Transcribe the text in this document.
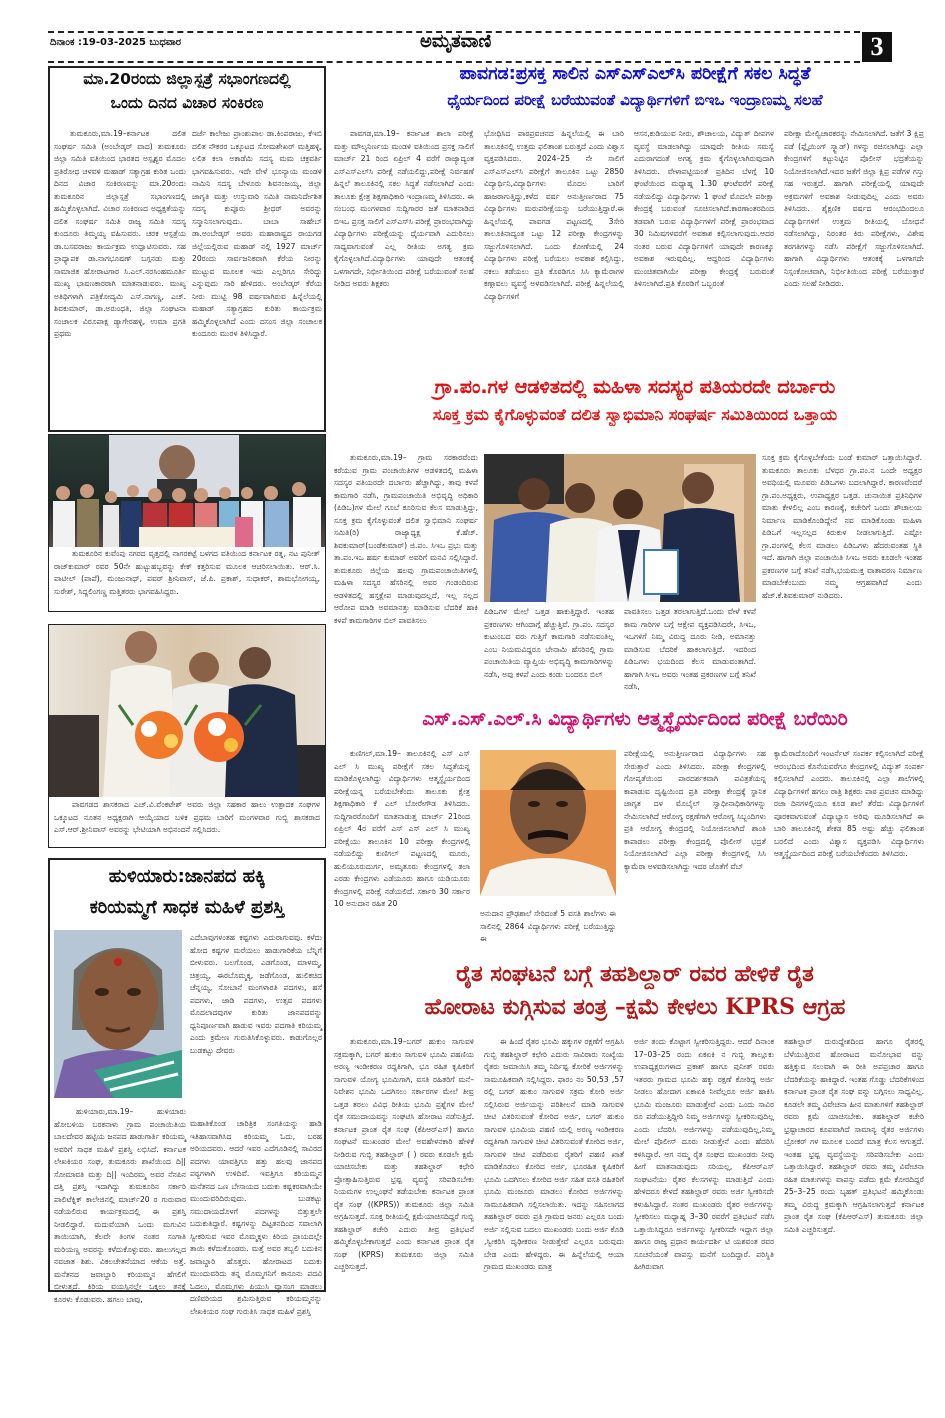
ದಿನಾಂಕ :19-03-2025 ಬುಧವಾರ	ಅಮೃತವಾಣಿ	3
ಮಾ.20ರಂದು ಜಿಲ್ಲಾಸ್ಪತ್ರೆ ಸಭಾಂಗಣದಲ್ಲಿ
ಒಂದು ದಿನದ ವಿಚಾರ ಸಂಕಿರಣ
ತುಮಕೂರು,ಮಾ.19–ಕರ್ನಾಟಕ ದಲಿತ ಸಂಘರ್ಷ ಸಮಿತಿ (ಅಂಬೇಡ್ಕರ್ ವಾದ) ತುಮಕೂರು ಜಿಲ್ಲಾ ಸಮಿತಿ ವತಿಯಿಂದ ಭಾರತದ ಅಸ್ಪೃಶ್ಯರ ಮೊದಲ ಪ್ರತಿರೋಧ ಚಳವಳಿ ಮಹಾಡ್ ಸತ್ಯಾಗ್ರಹ ಕುರಿತ ಒಂದು ದಿನದ ವಿಚಾರ ಸಂಕಿರಣವನ್ನು ಮಾ.20ರಂದು ತುಮಕೂರಿನ ಜಿಲ್ಲಾಸ್ಪತ್ರೆ ಸಭಾಂಗಣದಲ್ಲಿ ಹಮ್ಮಿಕೊಳ್ಳಲಾಗಿದೆ. ವಿಚಾರ ಸಂಕಿರಣದ ಅಧ್ಯಕ್ಷತೆಯನ್ನು ದಲಿತ ಸಂಘರ್ಷ ಸಮಿತಿ ರಾಜ್ಯ ಸಮಿತಿ ಸದಸ್ಯ ಕುಂದೂರು ತಿಮ್ಮಯ್ಯ ವಹಿಸುವರು. ಚರಕ ಆಸ್ಪತ್ರೆಯ ಡಾ.ಬಸವರಾಜು ಕಾರ್ಯಕ್ರಮ ಉದ್ಘಾಟಿಸುವರು. ಸಹ ಪ್ರಾಧ್ಯಾಪಕ ಡಾ.ನಾಗಭೂಷಣ್ ಬಗ್ಗನಡು ಮತ್ತು ಸಾಮಾಜಿಕ ಹೋರಾಟಗಾರ ಸಿ.ಎಲ್.ನರಸಿಂಹಮೂರ್ತಿ ಮುಖ್ಯ ಭಾಷಣಕಾರರಾಗಿ ಮಾತನಾಡುವರು. ಮುಖ್ಯ ಅತಿಥಿಗಳಾಗಿ ಪತ್ರಿಕೋದ್ಯಮಿ ಎಸ್.ನಾಗಣ್ಣ, ಎಚ್. ಶಿವಕುಮಾರ್, ಡಾ.ಅರುಂಧತಿ, ಜಿಲ್ಲಾ ಸಂಘಟನಾ ಸಂಚಾಲಕ ವಿರೂಪಾಕ್ಷ ಡ್ಯಾಗೇರಹಳ್ಳಿ, ಉಮಾ ಪ್ರಗತಿ ಪ್ರಥಮ
ದರ್ಜೆ ಕಾಲೇಜು ಪ್ರಾಂಶುಪಾಲ ಡಾ.ಕಿಂಪರಾಜು, ಕೆಇಬಿ ದಲಿತ ನೌಕರರ ಒಕ್ಕೂಟದ ಸೋಮಶೇಖರ್ ಮತ್ತಿಹಳ್ಳಿ, ಲಲಿತ ಕಲಾ ಅಕಾಡೆಮಿ ಸದಸ್ಯ ಮಮ ಚಕ್ರವರ್ತಿ ಭಾಗವಹಿಸುವರು. ಇದೇ ವೇಳೆ ಭೂನ್ಯಾಯ ಮಂಡಳಿ ನಾಮಿನಿ ಸದಸ್ಯ ಬೇಳೂರು ಶಿವನಂಜಯ್ಯ, ಜಿಲ್ಲಾ ಜಾಗೃತಿ ಮತ್ತು ಉಸ್ತುವಾರಿ ಸಮಿತಿ ನಾಮನಿರ್ದೇಶಿತ ಸದಸ್ಯ ಕುಪ್ಪೂರು ಶ್ರೀಧರ್ ಅವರನ್ನು ಸನ್ಮಾನಿಸಲಾಗುವುದು. ಬಾಬಾ ಸಾಹೇಬ್ ಡಾ.ಅಂಬೇಡ್ಕರ್ ಅವರು ಮಹಾರಾಷ್ಟ್ರದ ರಾಯಗಡ ಜಿಲ್ಲೆಯಲ್ಲಿರುವ ಮಹಾಡ್ ನಲ್ಲಿ 1927 ಮಾರ್ಚ್ 20ರಂದು ಸಾರ್ವಜನಿಕವಾಗಿ ಕೆರೆಯ ನೀರನ್ನು ಮುಟ್ಟುವ ಮೂಲಕ ಇದು ಎಲ್ಲರಿಗೂ ಸೇರಿದ್ದು ಎನ್ನುವುದು ಸಾರಿ ಹೇಳಿದರು. ಅಂಬೇಡ್ಕರ್ ಕೆರೆಯ ನೀರು ಮುಟ್ಟಿ 98 ವರ್ಷವಾಗಿರುವ ಹಿನ್ನೆಲೆಯಲ್ಲಿ ಮಹಾಡ್ ಸತ್ಯಾಗ್ರಹದ ಕುರಿತು ಕಾರ್ಯಕ್ರಮ ಹಮ್ಮಿಕೊಳ್ಳಲಾಗಿದೆ ಎಂದು ದಸಂಸ ಜಿಲ್ಲಾ ಸಂಚಾಲಕ ಕುಂದೂರು ಮುರಳಿ ತಿಳಿಸಿದ್ದಾರೆ.
ತುಮಕೂರಿನ ಕುವೆಂಪು ನಗರದ ವೃತ್ತದಲ್ಲಿ ನಾಗರಕಟ್ಟೆ ಬಳಗದ ವತಿಯಿಂದ ಕರ್ನಾಟಕ ರತ್ನ, ನಟ ಪುನೀತ್ ರಾಜ್‌ಕುಮಾರ್ ರವರ 50ನೇ ಹುಟ್ಟುಹಬ್ಬವನ್ನು ಕೇಕ್ ಕತ್ತರಿಸುವ ಮೂಲಕ ಆಚರಿಸಲಾಯಿತು. ಆರ್.ಸಿ. ಪಾಟೀಲ್ (ಪಾಪೆ), ಮಂಜುನಾಥ್, ಪವರ್ ಶ್ರೀನಿವಾಸ್, ಜೆ.ಪಿ. ಪ್ರಕಾಶ್, ಸುಧಾಕರ್, ಶಾಮಭೋಗಯ್ಯ, ಸುರೇಶ್, ಸಿದ್ದಲಿಂಗಣ್ಣ ಮತ್ತಿತರರು ಭಾಗವಹಿಸಿದ್ದರು.
ಪಾವಗಡದ ಶಾಸಕರಾದ ಎಚ್.ವಿ.ವೆಂಕಟೇಶ್ ಅವರು ಜಿಲ್ಲಾ ಸಹಕಾರ ಹಾಲು ಉತ್ಪಾದಕ ಸಂಘಗಳ ಒಕ್ಕೂಟದ ನೂತನ ಅಧ್ಯಕ್ಷರಾಗಿ ಆಯ್ಕೆಯಾದ ಬಳಿಕ ಪ್ರಥಮ ಬಾರಿಗೆ ಮಂಗಳವಾರ ಗುಬ್ಬಿ ಶಾಸಕರಾದ ಎಸ್.ಆರ್.ಶ್ರೀನಿವಾಸ್ ಅವರನ್ನು ಭೇಟಿಯಾಗಿ ಅಭಿನಂದನೆ ಸಲ್ಲಿಸಿದರು.
ಹುಳಿಯಾರು:ಜಾನಪದ ಹಕ್ಕಿ
ಕರಿಯಮ್ಮಗೆ ಸಾಧಕ ಮಹಿಳೆ ಪ್ರಶಸ್ತಿ
ಎದೆಬಾವುಗಳಂತಹ ಕಷ್ಟಗಳು ಎದುರಾಗುವವು. ಕಳೆದು ಹೋದ ಕಷ್ಟಗಳ ಮರೆಯಲು ಹಾಡುಗಾರಿಕೆಯ ಬೆನ್ನಿಗೆ ಬೀಳುವರು. ಬಲಗೊಂಡ, ಎಡಗೊಂಡ, ಮಾಳಮ್ಮ, ಚಿತ್ರಯ್ಯ, ಈರಬೊಮ್ಮಕ್ಕ, ಜಡೆಗೊಂಡ, ಹುಲಿಕಚಿದ ಚೆನ್ನಯ್ಯ, ಸೋಬಾನೆ ಮಂಗಳಾರತಿ ಪದಗಳು, ಹಸೆ ಪದಗಳು, ಜಾಡಿ ಪದಗಳು, ಉತ್ಸವ ಪದಗಳು ಮೊದಲಾದವುಗಳ ಕುರಿತು ಜಾನಪದವನ್ನು ಧ್ವನಿಪೂರ್ಣವಾಗಿ ಹಾಡುವ ಇವರು ಪದಗಾತಿ ಕರಿಯಮ್ಮ ಎಂದು ಕ್ರಮೇಣ ಗುರುತಿಸಿಕೊಳ್ಳುವರು. ಕಾಡುಗೊಲ್ಲರ ಬುಡಕಟ್ಟು ದೇವರು
ಹುಳಿಯಾರು,ಮಾ.19– ಹುಳಿಯಾರು ಹೋಬಳಿಯ ಬರಕನಾಳು ಗ್ರಾಮ ಪಂಚಾಯಿತಿಯ ಬಾಲದೇವರ ಹಟ್ಟಿಯ ಜನಪದ ಹಾಡುಗಾರ್ತಿ ಕರಿಯಮ್ಮ ಅವರಿಗೆ ಸಾಧಕ ಮಹಿಳೆ ಪ್ರಶಸ್ತಿ ಲಭಿಸಿದೆ. ಕರ್ನಾಟಕ ಲೇಖಕಿಯರ ಸಂಘ, ತುಮಕೂರು ಶಾಖೆಯಿಂದ ದಿ|| ಸೋಮಾವತಿ ಮತ್ತು ದಿ|| ಇಂದಿರಮ್ಮ ಅವರ ನೆನಪಿನ ದತ್ತಿ ಪ್ರಶಸ್ತಿ ಇದಾಗಿದ್ದು ತುಮಕೂರಿನ ಸರ್ಕಾರಿ ಪಾಲಿಟೆಕ್ನಿಕ್ ಕಾಲೇಜಿನಲ್ಲಿ ಮಾರ್ಚ್20 ರ ಗುರುವಾರ ನಡೆಯಲಿರುವ ಕಾರ್ಯಕ್ರಮದಲ್ಲಿ ಈ ಪ್ರಶಸ್ತಿ ನೀಡಲಿದ್ದಾರೆ. ಮದುವೆಯಾಗಿ ಒಂದು ಮಗುವಿನ ತಾಯಿಯಾಗಿ, ಕೆಲವೇ ತಿಂಗಳ ನಂತರ ಸಂಗಾತಿ ಮರಿಯಣ್ಣ ಅವರನ್ನು ಕಳೆದುಕೊಳ್ಳುವರು. ಹಾಲುಗಲ್ಲದ ನವಜಾತ ಶಿಶು. ವಿಕಲಚೇತನೆಯಾದ ಆಕೆಯ ಅತ್ತೆ. ಮನೆತನದ ಜವಾಬ್ದಾರಿ ಕರಿಯಮ್ಮನ ಹೆಗಲಿಗೆ ಬೀಳುತ್ತದೆ. ಕಿರಿಯ ವಯಸ್ಸಿನಲ್ಲೇ ಒಕ್ಕಲು ತನಕ್ಕೆ ಕೂರಳು ಕೊಡುವರು. ಹಗಲು ಬಾವು,
ಮಹಾತಿಕೊಂಡ ಚಾರಿತ್ರಿಕ ಸಂಗತಿಯನ್ನು ಹಾಡಿ ಇತಿಹಾಸವಾಗಿಸಿದ ಕರಿಯಮ್ಮ ಓದು, ಬರಹ ಅರಿಯದವರು. ಆದರೆ ಇವರ ಎದೆಗೂಡಿನಲ್ಲಿ ಸಾವಿರದ ಪದಗಳು ಯಾವತ್ತಿಗೂ ಹತ್ತು ಹಲವು ಜಾನಪದ ಪಠ್ಯಗಳಾಗಿ ಉಳಿದಿವೆ. ಇವತ್ತಿಗೂ ಕರಿಯಮ್ಮನ ಮನೆತನದ ಒಣ ಬೇಸಾಯದ ಬದುಕು ಕಷ್ಟಕರವಾಗಿಯೇ ಮುಂದುವರಿದಿರುವುದು. ಬುಡಕಟ್ಟು ಸಮುದಾಯದೊಳಗೆ ಪದಗಳನ್ನು ಬಿತ್ತುತ್ತಲೇ ಬದುಕುತಿದ್ದಾರೆ. ಕಷ್ಟಗಳನ್ನು ದಿಟ್ಟತನದಿಂದ ಸವಾಲಾಗಿ ಸ್ವೀಕರಿಸುವ ಇವರ ಮೊಮ್ಮಕ್ಕಳು ಕಿರಿಯ ಪ್ರಾಯದಲ್ಲೇ ತಾಯಿ ಕಳೆದುಕೊಂಡರು. ಮತ್ತೆ ಅವರ ತಬ್ಬಲಿ ಬದುಕಿನ ಜವಾಬ್ದಾರಿ ಹೊತ್ತರು. ಹೋರಾಟದ ಬದುಕು ಮುಂದುವರಿದು ತನ್ನ ಮೊಮ್ಮಗನಿಗೆ ಕಾನೂನು ಪದವಿ ಓದಲು, ಮೊಮ್ಮಗಳು ಪಿಯುಸಿ ವ್ಯಾಸಂಗ ಮಾಡಲು ದಣಿವರಿಯದ ಶ್ರಮಿಸುತ್ತಿರುವ ಕರಿಯಮ್ಮನನ್ನು ಲೇಖಕಿಯರ ಸಂಘ ಗುರುತಿಸಿ ಸಾಧಕ ಮಹಿಳೆ ಪ್ರಶಸ್ತಿ
ಪಾವಗಡ:ಪ್ರಸಕ್ತ ಸಾಲಿನ ಎಸ್‌ಎಸ್‌ಎಲ್‌ಸಿ ಪರೀಕ್ಷೆಗೆ ಸಕಲ ಸಿದ್ಧತೆ
ಧೈರ್ಯದಿಂದ ಪರೀಕ್ಷೆ ಬರೆಯುವಂತೆ ವಿದ್ಯಾರ್ಥಿಗಳಿಗೆ ಬಿಇಒ ಇಂದ್ರಾಣಮ್ಮ ಸಲಹೆ
ಪಾವಗಡ,ಮಾ.19– ಕರ್ನಾಟಕ ಶಾಲಾ ಪರೀಕ್ಷೆ ಮತ್ತು ಮೌಲ್ಯನಿರ್ಣಯ ಮಂಡಳಿ ವತಿಯಿಂದ ಪ್ರಸಕ್ತ ಸಾಲಿಗೆ ಮಾರ್ಚ್ 21 ರಿಂದ ಏಪ್ರಿಲ್ 4 ವರೆಗೆ ರಾಜ್ಯಾದ್ಯಂತ ಎಸ್‌ಎಸ್‌ಎಲ್‌ಸಿ ಪರೀಕ್ಷೆ ನಡೆಯಲಿದ್ದು,ಪರೀಕ್ಷೆ ನಿರ್ವಹಣೆ ಹಿನ್ನಲೆ ತಾಲೂಕಿನಲ್ಲಿ ಸಕಲ ಸಿದ್ಧತೆ ನಡೆಸಲಾಗಿದೆ ಎಂದು ತಾಲೂಕು ಕ್ಷೇತ್ರ ಶಿಕ್ಷಣಾಧಿಕಾರಿ ಇಂದ್ರಾಣಮ್ಮ ತಿಳಿಸಿದರು. ಈ ಸಂಬಂಧ ಮಂಗಳವಾರ ಸುದ್ದಿಗಾರರ ಜತೆ ಮಾತನಾಡಿದ ಬಿಇಒ ಪ್ರಸಕ್ತ ಸಾಲಿಗೆ ಎಸ್‌ಎಸ್‌ಸಿ ಪರೀಕ್ಷೆ ಪ್ರಾರಂಭವಾಗಿದ್ದು ವಿದ್ಯಾರ್ಥಿಗಳು ಪರೀಕ್ಷೆಯನ್ನು ಧೈರ್ಯವಾಗಿ ಎದುರಿಸಲು ಸಾಧ್ಯವಾಗುವಂತೆ ಎಲ್ಲ ರೀತಿಯ ಅಗತ್ಯ ಕ್ರಮ ಕೈಗೊಳ್ಳಲಾಗಿದೆ.ವಿದ್ಯಾರ್ಥಿಗಳು ಯಾವುದೇ ಆತಂಕಕ್ಕೆ ಒಳಗಾಗದೇ, ನಿರ್ಭೀತಿಯಿಂದ ಪರೀಕ್ಷೆ ಬರೆಯುವಂತೆ ಸಲಹೆ ನೀಡಿದ ಅವರು ಶಿಕ್ಷಕರು
ಭೋಧಿಸಿದ ಪಾಠಪ್ರವಚನದ ಹಿನ್ನಲೆಯಲ್ಲಿ ಈ ಬಾರಿ ತಾಲೂಕಿನಲ್ಲಿ ಉತ್ತಮ ಫಲಿತಾಂಶ ಬರುತ್ತದೆ ಎಂದು ವಿಶ್ವಾಸ ವ್ಯಕ್ತಪಡಿಸಿದರು. 2024–25 ನೇ ಸಾಲಿಗೆ ಎಸ್‌ಎಸ್‌ಎಲ್‌ಸಿ ಪರೀಕ್ಷೆಗೆ ತಾಲೂಕಿನ ಒಟ್ಟು 2850 ವಿದ್ಯಾರ್ಥಿನಿ,ವಿದ್ಯಾರ್ಥಿಗಳು ಮೊದಲ ಬಾರಿಗೆ ಹಾಜರಾಗುತ್ತಿದ್ದು,ಕಳೆದ ವರ್ಷ ಅನುತ್ತೀರ್ಣರಾದ 75 ವಿದ್ಯಾರ್ಥಿಗಳು ಮರುಪರೀಕ್ಷೆಯನ್ನು ಬರೆಯುತ್ತಿದ್ದಾರೆ.ಈ ಹಿನ್ನಲೆಯಲ್ಲಿ ಪಾವಗಡ ಪಟ್ಟಣದಲ್ಲಿ 3ಸೇರಿ ತಾಲೂಕಿನಾದ್ಯಂತ ಒಟ್ಟು 12 ಪರೀಕ್ಷಾ ಕೇಂದ್ರಗಳನ್ನು ಸಜ್ಜುಗೊಳಿಸಲಾಗಿದೆ. ಒಂದು ಕೋಣೆಯಲ್ಲಿ 24 ವಿದ್ಯಾರ್ಥಿಗಳು ಪರೀಕ್ಷೆ ಬರೆಯಲು ಅವಕಾಶ ಕಲ್ಪಿಸಿದ್ದು, ನಕಲು ತಡೆಯಲು ಪ್ರತಿ ಕೊಠಡಿಗೂ ಸಿಸಿ ಕ್ಯಾಮೆರಾಗಳ ಕಣ್ಗಾವಲು ವ್ಯವಸ್ಥೆ ಅಳವಡಿಸಲಾಗಿದೆ. ಪರೀಕ್ಷೆ ಹಿನ್ನಲೆಯಲ್ಲಿ ವಿದ್ಯಾರ್ಥಿಗಳಿಗೆ
ಆಸನ,ಕುಡಿಯುವ ನೀರು, ಶೌಚಾಲಯ, ವಿದ್ಯುತ್ ದೀಪಗಳ ವ್ಯವಸ್ಥೆ ಮಾಡಲಾಗಿದ್ದು ಯಾವುದೇ ರೀತಿಯ ಸಮಸ್ಯೆ ಎದುರಾಗದಂತೆ ಅಗತ್ಯ ಕ್ರಮ ಕೈಗೊಳ್ಳಲಾಗಿರುವುದಾಗಿ ತಿಳಿಸಿದರು. ವೇಳಾಪಟ್ಟಿಯಂತೆ ಪ್ರತಿದಿನ ಬೆಳಗ್ಗೆ 10 ಘಂಟೆಯಿಂದ ಮಧ್ಯಾಹ್ನ 1.30 ಘಂಟೆವರೆಗೆ ಪರೀಕ್ಷೆ ನಡೆಯಲಿದ್ದು ವಿದ್ಯಾರ್ಥಿಗಳು 1 ಘಂಟೆ ಮೊದಲೇ ಪರೀಕ್ಷಾ ಕೇಂದ್ರಕ್ಕೆ ಬರುವಂತೆ ಸೂಚಿಸಲಾಗಿದೆ.ಕಾರಣಾಂತರದಿಂದ ತಡವಾಗಿ ಬರುವ ವಿದ್ಯಾರ್ಥಿಗಳಿಗೆ ಪರೀಕ್ಷೆ ಪ್ರಾರಂಭವಾದ 30 ನಿಮಿಷಗಳವರೆಗೆ ಅವಕಾಶ ಕಲ್ಪಿಸಲಾಗುವುದು.ಆದರ ನಂತರ ಬರುವ ವಿದ್ಯಾರ್ಥಿಗಳಿಗೆ ಯಾವುದೇ ಕಾರಣಕ್ಕೂ ಅವಕಾಶ ಇರುವುದಿಲ್ಲ. ಆದ್ದರಿಂದ ವಿದ್ಯಾರ್ಥಿಗಳು ಮುಂಚಿತವಾಗಿಯೇ ಪರೀಕ್ಷಾ ಕೇಂದ್ರಕ್ಕೆ ಬರುವಂತೆ ತಿಳಿಸಲಾಗಿದೆ.ಪ್ರತಿ ಕೊಠಡಿಗೆ ಒಬ್ಬರಂತೆ
ಪರೀಕ್ಷಾ ಮೇಲ್ವಿಚಾರಕರನ್ನು ನೇಮಿಸಲಾಗಿದೆ. ಜತೆಗೆ 3 ಕ್ಷಿಪ್ರ ಪಡೆ (ಫ್ಲೈಯಿಂಗ್ ಸ್ಕ್ವಾಡ್) ಗಳನ್ನು ರಚಿಸಲಾಗಿದ್ದು ಎಲ್ಲಾ ಕೇಂದ್ರಗಳಿಗೆ ಕಟ್ಟುನಿಟ್ಟಿನ ಪೊಲೀಸ್ ಭದ್ರತೆಯನ್ನು ನಿಯೋಜಿಸಲಾಗಿದೆ.ಇದರ ಜತೆಗೆ ಜಿಲ್ಲಾ ಕ್ಷಿಪ್ರ ಪಡೆಗಳ ಗಸ್ತು ಸಹ ಇರುತ್ತದೆ. ಹಾಗಾಗಿ ಪರೀಕ್ಷೆಯಲ್ಲಿ ಯಾವುದೇ ಅಕ್ರಮಗಳಿಗೆ ಅವಕಾಶ ನೀಡುವುದಿಲ್ಲ ಎಂದು ಅವರು ತಿಳಿಸಿದರು. ಶೈಕ್ಷಣಿಕ ವರ್ಷದ ಆರಂಭದಿಂದಲೂ ವಿದ್ಯಾರ್ಥಿಗಳಿಗೆ ಉತ್ತಮ ರೀತಿಯಲ್ಲಿ ಬೋಧನೆ ನಡೆಸಲಾಗಿದ್ದು, ನಿರಂತರ ಕಿರು ಪರೀಕ್ಷೆಗಳು, ವಿಶೇಷ ತರಗತಿಗಳನ್ನು ನಡೆಸಿ ಪರೀಕ್ಷೆಗೆ ಸಜ್ಜುಗೊಳಿಸಲಾಗಿದೆ. ಹಾಗಾಗಿ ವಿದ್ಯಾರ್ಥಿಗಳು ಆತಂಕಕ್ಕೆ ಒಳಗಾಗದೇ ನಿಸ್ಸಂಕೋಚವಾಗಿ, ನಿರ್ಭೀತಿಯಿಂದ ಪರೀಕ್ಷೆ ಬರೆಯುತ್ತಾರೆ ಎಂದು ಸಲಹೆ ನೀಡಿದರು.
ಗ್ರಾ.ಪಂ.ಗಳ ಆಡಳಿತದಲ್ಲಿ ಮಹಿಳಾ ಸದಸ್ಯರ ಪತಿಯರದೇ ದರ್ಬಾರು
ಸೂಕ್ತ ಕ್ರಮ ಕೈಗೊಳ್ಳುವಂತೆ ದಲಿತ ಸ್ವಾಭಿಮಾನಿ ಸಂಘರ್ಷ ಸಮಿತಿಯಿಂದ ಒತ್ತಾಯ
ತುಮಕೂರು,ಮಾ.19– ಗ್ರಾಮ ಸರಕಾರವೆಂದು ಕರೆಯುವ ಗ್ರಾಮ ಪಂಚಾಯಿತಿಗಳ ಆಡಳಿತದಲ್ಲಿ ಮಹಿಳಾ ಸದಸ್ಯರ ಪತಿಯರದೇ ದರ್ಬಾರು ಹೆಚ್ಚಾಗಿದ್ದು, ತಾವು ಕಳಪೆ ಕಾಮಗಾರಿ ನಡೆಸಿ, ಗ್ರಾಮಪಂಚಾಯಿತಿ ಅಭಿವೃದ್ಧಿ ಅಧಿಕಾರಿ (ಪಿಡಿಒ)ಗಳ ಮೇಲೆ ಗೂಬೆ ಕೂರಿಸುವ ಕೆಲಸ ಮಾಡುತ್ತಿದ್ದು, ಸೂಕ್ತ ಕ್ರಮ ಕೈಗೊಳ್ಳುವಂತೆ ದಲಿತ ಸ್ವಾಭಿಮಾನಿ ಸಂಘರ್ಷ ಸಮಿತಿ(ರಿ) ರಾಜ್ಯಾಧ್ಯಕ್ಷ ಕೆ.ಹೆಚ್. ಶಿವಕುಮಾರ್(ಬಂಡೆಕುಮಾರ್) ಜಿ.ಪಂ. ಸಿಇಒ ಪ್ರಭು ಮತ್ತು ತಾ.ಪಂ.ಇಒ ಹರ್ಷ ಕುಮಾರ್ ಅವರಿಗೆ ಮನವಿ ಸಲ್ಲಿಸಿದ್ದಾರೆ. ತುಮಕೂರು ಜಿಲ್ಲೆಯ ಹಲವು ಗ್ರಾಮಪಂಚಾಯಿತಿಗಳಲ್ಲಿ ಮಹಿಳಾ ಸದಸ್ಯರ ಹೆಸರಿನಲ್ಲಿ ಅವರ ಗಂಡಂದಿರುವ ಆಡಳಿತದಲ್ಲಿ ಹಸ್ತಕ್ಷೇಪ ಮಾಡುವುದಲ್ಲದೆ, ಇಲ್ಲ ಸಲ್ಲದ ಆರೋಪ ಮಾಡಿ ಅವಮಾನತ್ತು ಮಾಡಿಸುವ ಬೆದರಿಕೆ ಹಾಕಿ ಕಳಪೆ ಕಾಮಗಾರಿಗಳ ಬಿಲ್ ಪಾವತಿಸಲು
ಪಿಡಿಒಗಳ ಮೇಲೆ ಒತ್ತಡ ಹಾಕುತ್ತಿದ್ದಾರೆ. ಇಂತಹ ಪ್ರಕರಣಗಳು ಆಗಿಂದಾಗ್ಗೆ ಹೆಚ್ಚುತ್ತಿವೆ. ಗ್ರಾ.ಪಂ. ಸದಸ್ಯರ ಕುಟುಂಬದ ವರು ಗುತ್ತಿಗೆ ಕಾಮಗಾರಿ ನಡೆಸುವಂತಿಲ್ಲ ಎಂಬ ನಿಯಮವಿದ್ದರೂ ಬೇನಾಮಿ ಹೆಸರಿನಲ್ಲಿ ಗ್ರಾಮ ಪಂಚಾಯಿತಿಯ ವ್ಯಾಪ್ತಿಯ ಅಭಿವೃದ್ಧಿ ಕಾಮಗಾರಿಗಳನ್ನು ನಡೆಸಿ, ಅವು ಕಳಪೆ ಎಂದು ಕಂಡು ಬಂದರೂ ಬಿಲ್
ಪಾವತಿಸಲು ಒತ್ತಡ ತರಲಾಗುತ್ತಿದೆ.ಒಂದು ವೇಳೆ ಕಳಪೆ ಕಾಮ ಗಾರಿಗಳ ಬಗ್ಗೆ ಆಕ್ಷೇಪ ವ್ಯಕ್ತಪಡಿಸಿದರೇ, ಸಿಇಒ, ಇಒಗಳಿಗೆ ನಿಮ್ಮ ವಿರುದ್ಧ ದೂರು ನೀಡಿ, ಅಮಾನತ್ತು ಮಾಡಿಸುವ ಬೆದರಿಕೆ ಹಾಕಲಾಗುತ್ತಿದೆ. ಇದರಿಂದ ಪಿಡಿಒಗಳು ಭಯದಿಂದ ಕೆಲಸ ಮಾಡುವಂತಾಗಿದೆ. ಹಾಗಾಗಿ ಸಿಇಒ ಅವರು ಇಂತಹ ಪ್ರಕರಣಗಳ ಬಗ್ಗೆ ತನಿಖೆ ನಡೆಸಿ,
ಸೂಕ್ತ ಕ್ರಮ ಕೈಗೊಳ್ಳಬೇಕೆಂದು ಬಂಡೆ ಕುಮಾರ್ ಒತ್ತಾಯಿಸಿದ್ದಾರೆ. ತುಮಕೂರು ತಾಲೂಕು ಬೆಳಧರ ಗ್ರಾ.ಪಂ.ನ ಒಂದೇ ಅಧ್ಯಕ್ಷರ ಅವಧಿಯಲ್ಲಿ ಮೂವರು ಪಿಡಿಒಗಳು ಬದಲಾಗಿದ್ದಾರೆ. ಕಾರಣವೆಂದರೆ ಗ್ರಾ.ಪಂ.ಅಧ್ಯಕ್ಷರು, ಉಪಾಧ್ಯಕ್ಷರ ಒತ್ತಡ. ಚುನಾಯಿತ ಪ್ರತಿನಿಧಿಗಳ ಮಾತು ಕೇಳಲಿಲ್ಲ ಎಂಬ ಕಾರಣಕ್ಕೆ, ಕಚೇರಿಗೆ ಒಂದು ಶೌಚಾಲಯ ನಿರ್ಮಾಣ ಮಾಡಿಕೊಂಡಿದ್ದೇನೆ ನವ ಮಾಡಿಕೊಂಡು ಮಹಿಳಾ ಪಿಡಿಒಗೆ ಇಲ್ಲಸಲ್ಲದ ಕಿರುಕುಳ ನೀಡಲಾಗುತ್ತಿದೆ. ಎಷ್ಟೋ ಗ್ರಾ.ಪಂಗಳಲ್ಲಿ ಕೆಲಸ ಮಾಡಲು ಪಿಡಿಒಗಳು ಹೆದರುವಂತಹ ಸ್ಥಿತಿ ಇದೆ. ಹಾಗಾಗಿ ಜಿಲ್ಲಾ ಪಂಚಾಯಿತಿ ಸಿಇಒ ಅವರು ಕೂಡಲೇ ಇಂತಹ ಪ್ರಕರಣಗಳ ಬಗ್ಗೆ ತನಿಖೆ ನಡೆಸಿ,ಭಯಮುಕ್ತ ವಾತಾವರಣ ನಿರ್ಮಾಣ ಮಾಡಬೇಕೆಂಬುದು ನಮ್ಮ ಆಗ್ರಹವಾಗಿದೆ ಎಂದು ಹೆಚ್.ಕೆ.ಶಿವಕುಮಾರ್ ನುಡಿದರು.
ಎಸ್.ಎಸ್.ಎಲ್.ಸಿ ವಿದ್ಯಾರ್ಥಿಗಳು ಆತ್ಮಸ್ಥೈರ್ಯದಿಂದ ಪರೀಕ್ಷೆ ಬರೆಯಿರಿ
ಕುಣಿಗಲ್,ಮಾ.19– ತಾಲೂಕಿನಲ್ಲಿ ಎಸ್ ಎಸ್ ಎಲ್ ಸಿ ಮುಖ್ಯ ಪರೀಕ್ಷೆಗೆ ಸಕಲ ಸಿದ್ಧತೆಯನ್ನ ಮಾಡಿಕೊಳ್ಳಲಾಗಿದ್ದು ವಿದ್ಯಾರ್ಥಿಗಳು ಆತ್ಮಸ್ಥೈರ್ಯದಿಂದ ಪರೀಕ್ಷೆಯನ್ನ ಬರೆಯಬೇಕೆಂದು ತಾಲೂಕು ಕ್ಷೇತ್ರ ಶಿಕ್ಷಣಾಧಿಕಾರಿ ಕೆ ಎಲ್ ಬೋರೇಗೌಡ ತಿಳಿಸಿದರು. ಸುದ್ದಿಗಾರರೊಂದಿಗೆ ಮಾತನಾಡುತ್ತ ಮಾರ್ಚ್ 21ರಿಂದ ಏಪ್ರಿಲ್ 4ರ ವರೆಗೆ ಎಸ್ ಎಸ್ ಎಲ್ ಸಿ ಮುಖ್ಯ ಪರೀಕ್ಷೆಯು ತಾಲೂಕಿನ 10 ಪರೀಕ್ಷಾ ಕೇಂದ್ರಗಳಲ್ಲಿ ನಡೆಯಲಿದ್ದು ಕುಣಿಗಲ್ ಪಟ್ಟಣದಲ್ಲಿ ಮೂರು, ಹುಲಿಯೂರುದುರ್ಗ, ಅಮೃತೂರು ಕೇಂದ್ರಗಳಲ್ಲಿ ತಲಾ ಎರಡು ಕೇಂದ್ರಗಳು ಎಡೆಯೂರು ಹಾಗೂ ಯಡಿಯೂರು ಕೇಂದ್ರಗಳಲ್ಲಿ ಪರೀಕ್ಷೆ ನಡೆಯಲಿದೆ. ಸರ್ಕಾರಿ 30 ಸರ್ಕಾರ 10 ಅನುದಾನ ರಹಿತ 20
ಅನುದಾನ ಪ್ರೌಢಶಾಲೆ ಸೇರಿದಂತೆ 5 ವಸತಿ ಶಾಲೆಗಳು ಈ ಸಾಲಿನಲ್ಲಿ 2864 ವಿದ್ಯಾರ್ಥಿಗಳು ಪರೀಕ್ಷೆ ಬರೆಯುತ್ತಿದ್ದು ಈ
ಪರೀಕ್ಷೆಯಲ್ಲಿ ಅನುತ್ತೀರ್ಣರಾದ ವಿದ್ಯಾರ್ಥಿಗಳು ಸಹ ಸೇರುತ್ತಾರೆ ಎಂದು ತಿಳಿಸಿದರು. ಪರೀಕ್ಷಾ ಕೇಂದ್ರಗಳಲ್ಲಿ ಗೋಪ್ಯತೆಯಿಂದ ಪಾರದರ್ಶಕವಾಗಿ ಪವಿತ್ರತೆಯನ್ನ ಕಾಪಾಡುವ ದೃಷ್ಟಿಯಿಂದ ಪ್ರತಿ ಪರೀಕ್ಷಾ ಕೇಂದ್ರಕ್ಕೆ ಸ್ಥಾನಿಕ ಜಾಗೃತ ದಳ ಮೊಬೈಲ್ ಸ್ವಾಧೀನಾಧಿಕಾರಿಗಳನ್ನು ನೇಮಿಸಲಾಗಿದೆ ಆರೋಗ್ಯ ರಕ್ಷಣೆಗಾಗಿ ಆರೋಗ್ಯ ಸಿಬ್ಬಂದಿಗಳು ಪ್ರತಿ ಆರೋಗ್ಯ ಕೇಂದ್ರದಲ್ಲಿ ನಿಯೋಜಿಸಲಾಗಿದೆ ಶಾಂತಿ ಕಾಪಾಡಲು ಪರೀಕ್ಷಾ ಕೇಂದ್ರದಲ್ಲಿ ಪೊಲೀಸ್ ಭದ್ರತೆ ನಿಯೋಜಿಸಲಾಗಿದೆ ಎಲ್ಲಾ ಪರೀಕ್ಷಾ ಕೇಂದ್ರಗಳಲ್ಲಿ ಸಿಸಿ ಕ್ಯಾಮೆರಾ ಅಳವಡಿಸಲಾಗಿದ್ದು ಇದರ ಜೊತೆಗೆ ವೆಬ್
ಕ್ಯಾಮೆರಾದೊಂದಿಗೆ ಇಂಟರ್ನೆಟ್ ಸಂಪರ್ಕ ಕಲ್ಪಿಸಲಾಗಿದೆ ಪರೀಕ್ಷೆ ಆರಂಭದಿಂದ ಕೊನೆಯವರೆಗೂ ಕೇಂದ್ರಗಳಲ್ಲಿ ವಿದ್ಯುತ್ ಸಂಪರ್ಕ ಕಲ್ಪಿಸಲಾಗಿದೆ ಎಂದರು. ತಾಲೂಕಿನಲ್ಲಿ ಎಲ್ಲಾ ಶಾಲೆಗಳಲ್ಲಿ ವಿದ್ಯಾರ್ಥಿಗಳಿಗೆ ಹಗಲು ರಾತ್ರಿ ಶಿಕ್ಷಕರು ಪಾಠ ಪ್ರವಚನ ಮಾಡಿದ್ದು ರಜಾ ದಿನಗಳಲ್ಲಿಯೂ ಕೂಡ ಶಾಲೆ ತೆರೆದು ವಿದ್ಯಾರ್ಥಿಗಳಿಗೆ ಪೂರಕವಾಗುವಂತೆ ವಿದ್ಯಾಭ್ಯಾಸ ಅರಿವು ಮೂಡಿಸಲಾಗಿದೆ ಈ ಬಾರಿ ತಾಲೂಕಿನಲ್ಲಿ ಶೇಕಡ 85 ಅಷ್ಟು ಹೆಚ್ಚು ಫಲಿತಾಂಶ ಬರಲಿದೆ ಎಂದು ವಿಶ್ವಾಸ ವ್ಯಕ್ತಪಡಿಸಿ ವಿದ್ಯಾರ್ಥಿಗಳು ಆತ್ಮಸ್ಥೈರ್ಯದಿಂದ ಪರೀಕ್ಷೆ ಬರೆಯಬೇಕೆಂದರು ತಿಳಿಸಿದರು.
ರೈತ ಸಂಘಟನೆ ಬಗ್ಗೆ ತಹಶಿಲ್ದಾರ್ ರವರ ಹೇಳಿಕೆ ರೈತ
ಹೋರಾಟ ಕುಗ್ಗಿಸುವ ತಂತ್ರ –ಕ್ಷಮೆ ಕೇಳಲು KPRS ಆಗ್ರಹ
ತುಮಕೂರು,ಮಾ.19–ಬಗರ್ ಹುಕುಂ ಸಾಗುವಳಿ ಸಕ್ರಮಕ್ಕಾಗಿ, ಬಗರ್ ಹುಕುಂ ಸಾಗುವಳಿ ಭೂಮಿ ಪಹಣಿಯ ಅರಣ್ಯ ಇಂಡೀಕರಣ ರದ್ದತಿಗಾಗಿ, ಭೂ ರಹಿತ ಕೃಷಿಕರಿಗೆ ಸಾಗುವಳಿ ಯೋಗ್ಯ ಭೂಮಿಗಾಗಿ, ವಸತಿ ರಹಿತರಿಗೆ ಮನೆ–ನಿವೇಶನ ಭೂಮಿ ಒದಗಿಸಲು ಸರ್ಕಾರಗಳ ಮೇಲೆ ತೀವ್ರ ಒತ್ತಡ ತರಲು ವಿವಿಧ ರೀತಿಯ ಭೂಮಿ ಪ್ರಶ್ನೆಗಳ ಮೇಲೆ ರೈತ ಸಮುದಾಯವನ್ನು ಸಂಘಟಿಸಿ ಹೋರಾಟ ನಡೆಸುತ್ತಿದೆ. ಕರ್ನಾಟಕ ಪ್ರಾಂತ ರೈತ ಸಂಘ (ಕೆಪಿಆರ್‌ಎಸ್) ಹಾಗೂ ಸಂಘಟನೆ ಮುಖಂಡರ ಮೇಲೆ ಅವಹೇಳನಕಾರಿ ಹೇಳಿಕೆ ನೀಡಿರುವ ಗುಬ್ಬಿ ತಹಶಿಲ್ದಾರ್ ( ) ರವರು ಕೂಡಲೇ ಕ್ಷಮೆ ಯಾಚಿಸಬೇಕು ಮತ್ತು ತಹಶಿಲ್ದಾರ್ ಕಛೇರಿ ಪ್ರೋತ್ಸಾಹಿಸುತ್ತಿರುವ ಭ್ರಷ್ಟ ವ್ಯವಸ್ಥೆ ಸರಿಪಡಿಸಬೇಕು ನಿಯಮಗಳ ಉಲ್ಲಂಘನೆ ತಡೆಯಬೇಕು ಕರ್ನಾಟಕ ಪ್ರಾಂತ ರೈತ ಸಂಘ ((KPRS)) ತುಮಕೂರು ಜಿಲ್ಲಾ ಸಮಿತಿ ಅಗ್ರಹಿಸುತ್ತದೆ. ಸೂಕ್ತ ರೀತಿಯಲ್ಲಿ ಕ್ಷಮೆಯಾಚಿಸದಿದ್ದರೆ ಗುಬ್ಬಿ ತಹಶಿಲ್ದಾರ್ ಕಚೇರಿ ಎದುರು ತೀವ್ರ ಪ್ರತಿಭಟನೆ ಹಮ್ಮಿಕೊಳ್ಳಬೇಕಾಗುತ್ತದೆ ಎಂದು ಕರ್ನಾಟಕ ಪ್ರಾಂತ ರೈತ ಸಂಘ (KPRS) ತುಮಕೂರು ಜಿಲ್ಲಾ ಸಮಿತಿ ಎಚ್ಚರಿಸುತ್ತದೆ.
ಈ ಹಿಂದೆ ರೈತರ ಭೂಮಿ ಹಕ್ಕುಗಳ ರಕ್ಷಣೆಗೆ ಆಗ್ರಹಿಸಿ ಗುಬ್ಬಿ ತಹಶಿಲ್ದಾರ್ ಕಛೇರಿ ಎದುರು ಸಾವಿರಾರು ಸಂಖ್ಯೆಯ ರೈತರು ಜಮಾಯಿಸಿ ತಮ್ಮ ನಿರ್ದಿಷ್ಟ ಕೋರಿಕೆ ಅರ್ಜಿಗಳನ್ನು ಸಾಮೂಹಿಕವಾಗಿ ಸಲ್ಲಿಸಿದ್ದರು. ಫಾರಂ ನಂ 50,53 ,57 ರಲ್ಲಿ ಬಗರ್ ಹುಕುಂ ಸಾಗುವಳಿ ಸಕ್ರಮ ಕೋರಿ ಅರ್ಜಿ ಸಲ್ಲಿಸಿರುವ ಅರ್ಜಿಯನ್ನು ಪರಿಶೀಲನೆ ಮಾಡಿ ಸಾಗುವಳಿ ಚೀಟಿ ವಿತರಿಸುವಂತೆ ಕೋರಿದ ಅರ್ಜಿ, ಬಗರ್ ಹುಕುಂ ಸಾಗುವಳಿ ಭೂಮಿಯ ಪಹಣಿ ಯಲ್ಲಿ ಅರಣ್ಯ ಇಂಡೀಕರಣ ರದ್ದತಿಗಾಗಿ ಸಾಗುವಳಿ ಚೀಟಿ ವಿತರಿಸುವಂತೆ ಕೋರಿದ ಅರ್ಜಿ, ಸಾಗುವಳಿ ಚೀಟಿ ಪಡೆದಿರುವ ರೈತರಿಗೆ ಪಹಣಿ ಖಾತೆ ಮಾಡಿಕೊಡಲು ಕೋರಿದ ಅರ್ಜಿ, ಭೂರಹಿತ ಕೃಷಿಕರಿಗೆ ಭೂಮಿ ಒದಗಿಸಲು ಕೋರಿದ ಅರ್ಜಿ ಸಹಿತ ವಸತಿ ರಹಿತರಿಗೆ ಭೂಮಿ ಮಂಜೂರು ಮಾಡಲು ಕೋರಿದ ಅರ್ಜಿಗಳನ್ನು ಸಾಮೂಹಿಕವಾಗಿ ಸಲ್ಲಿಸಲಾಯಿತು. ಇದನ್ನು ಸಹಿಸಲಾಗದ ತಹಶಿಲ್ದಾರ್ ರವರು ಪ್ರತಿ ಗ್ರಾಮದ ಜನರು ಎಲ್ಲರೂ ಬಂದು ಅರ್ಜಿ ಸಲ್ಲಿಸುವ ಬದಲು ಮುಖಂಡರು ಬಂದು ಅರ್ಜಿ ಕೊಡಿ ,ಸ್ವೀಕರಿಸಿ ದೃಢೀಕರಣ ನೀಡುತ್ತೇವೆ ಎಲ್ಲರೂ ಬರುವುದು ಬೇಡ ಎಂದು ಹೇಳಿದ್ದರು. ಈ ಹಿನ್ನೆಲೆಯಲ್ಲಿ ಆಯಾ ಗ್ರಾಮದ ಮುಖಂಡರು ಮಾತ್ರ
ಅರ್ಜಿ ತಂದು ಕೊಟ್ಟಾಗ ಸ್ವೀಕರಿಸುತ್ತಿದ್ದರು. ಆದರೆ ದಿನಾಂಕ 17–03–25 ರಂದು ಏಕಏಕಿ ನ ಗುಬ್ಬಿ ತಾಲ್ಲೂಕು ಉಪಾಧ್ಯಕ್ಷರುಗಳಾದ ಪ್ರಕಾಶ್ ಹಾಗೂ ಪುನೀತ್ ರವರು ಇತರರು ಗ್ರಾಮದ ಭೂಮಿ ಹಕ್ಕು ರಕ್ಷಣೆ ಕೋರಿದ್ದ ಅರ್ಜಿ ನೀಡಲು ಹೋದಾಗ ಏಕಾಏಕಿ ನೀವೆಲ್ಲರೂ ಅರ್ಜಿ ಹಾಕಿಸಿ ಭೂಮಿ ಮಂಜೂರು ಮಾಡುತ್ತೇವೆ ಎಂದು ಒಂದು ಸಾವಿರ ರೂ ಪಡೆಯುತ್ತಿದ್ದೀರಿ ನಿಮ್ಮ ಅರ್ಜಿಗಳನ್ನು ಸ್ವೀಕರಿಸುವುದಿಲ್ಲ ಎಂದು ಬೆದರಿಸಿ ಅರ್ಜಿಗಳನ್ನು ಪಡೆಯುವುದಿಲ್ಲ,ನಿಮ್ಮ ಮೇಲೆ ಪೊಲೀಸ್ ದೂರು ನೀಡುತ್ತೇನೆ ಎಂದು ಹೆದರಿಸಿ ಕಳಿಸಿದ್ದಾರೆ. ಆಗ ನಮ್ಮ ರೈತ ಸಂಘದ ಮುಖಂಡರು ನೀವು ಹೀಗೆ ಮಾತನಾಡುವುದು ಸರಿಯಲ್ಲ, ಕೆಪಿಆರ್‌ಎಸ್ ಸಂಘಟನೆಯು ರೈತರ ಕೆಲಸಗಳನ್ನು ಮಾಡುತ್ತಿದೆ ಎಂದು ಹೇಳಿದರೂ ಕೇಳದೆ ತಹಶಿಲ್ದಾರ್ ರವರು ಅರ್ಜಿ ಸ್ವೀಕರಿಸದೇ ಕಳುಹಿಸಿದ್ದಾರೆ. ನಂತರ ಮುಖಂಡರು ರೈತರ ಅರ್ಜಿಗಳನ್ನು ಸ್ವೀಕರಿಸಲು ಮಧ್ಯಾಹ್ನ 3–30 ರವರೆಗೆ ಪ್ರತಿಭಟನೆ ನಡೆಸಿ ಒತ್ತಾಯಿಸಿದ್ದರೂ ಅರ್ಜಿಗಳನ್ನು ಸ್ವೀಕರಿಸದೇ ಇದ್ದಾಗ ಜಿಲ್ಲಾ ಹಾಗೂ ರಾಜ್ಯ ಪ್ರಧಾನ ಕಾರ್ಯದರ್ಶಿ ಟಿ ಯಶವಂತ ರವರ ಸೂಚನೆಯಂತೆ ವಾಪಸ್ಸು ಮನೆಗೆ ಬಂದಿದ್ದಾರೆ. ಪರಿಸ್ಥಿತಿ ಹೀಗಿರುವಾಗ
ತಹಶಿಲ್ದಾರ್ ದುರುದ್ದೇಶದಿಂದ ಹಾಗೂ ರೈತರಲ್ಲಿ ಬೆಳೆಯುತ್ತಿರುವ ಹೋರಾಟದ ಮನೋಭಾವ ವನ್ನು ಹತ್ತಿಕ್ಕುವ ಸಲುವಾಗಿ ಈ ರೀತಿ ಅಪಪ್ರಚಾರ ಹಾಗೂ ಬೆದರಿಕೆಯನ್ನು ಹಾಕಿದ್ದಾರೆ. ಇಂತಹ ಗೊಡ್ಡು ಬೆದರಿಕೆಗಳಿಂದ ಕರ್ನಾಟಕ ಪ್ರಾಂತ ರೈತ ಸಂಘ ವನ್ನು ಬಗ್ಗಿಸಲು ಸಾಧ್ಯವಿಲ್ಲ. ಕೂಡಲೇ ತಮ್ಮ ವಿವೇಚನಾ ಹೀನ ಮಾತುಗಳಿಗೆ ತಹಶಿಲ್ದಾರ್ ರವರು ಕ್ಷಮೆ ಯಾಚಿಸಬೇಕು. ತಹಶಿಲ್ದಾರ್ ಕಚೇರಿ ಭ್ರಷ್ಟಾಚಾರದ ಕೂಪವಾಗಿದೆ ಸಾಮಾನ್ಯ ರೈತರ ಅರ್ಜಿಗಳು ಬ್ರೋಕರ್ ಗಳ ಮೂಲಕ ಬಂದರೆ ಮಾತ್ರ ಕೆಲಸ ಆಗುತ್ತದೆ. ಇಂತಹ ಭ್ರಷ್ಟ ವ್ಯವಸ್ಥೆಯನ್ನು ಸರಿಪಡಿಸಬೇಕು ಎಂದು ಒತ್ತಾಯಿಸಿದ್ದಾರೆ. ತಹಶಿಲ್ದಾರ್ ರವರು ತಮ್ಮ ವಿವೇಚನಾ ರಹಿತ ಮಾತುಗಳನ್ನು ವಾಪಸ್ಸು ಪಡೆದು ಕ್ಷಮೆ ಕೋರದಿದ್ದರೆ 25–3–25 ರಂದು ಬೃಹತ್ ಪ್ರತಿಭಟನೆ ಹಮ್ಮಿಕೊಂಡು ತಮ್ಮ ವಿರುದ್ಧ ಕ್ರಮಕ್ಕಾಗಿ ಆಗ್ರಹಿಸಲಾಗುತ್ತದೆ ಕರ್ನಾಟಕ ಪ್ರಾಂತ ರೈತ ಸಂಘ (ಕೆಪಿಆರ್‌ಎಸ್) ತುಮಕೂರು ಜಿಲ್ಲಾ ಸಮಿತಿ ಎಚ್ಚರಿಸುತ್ತದೆ.
